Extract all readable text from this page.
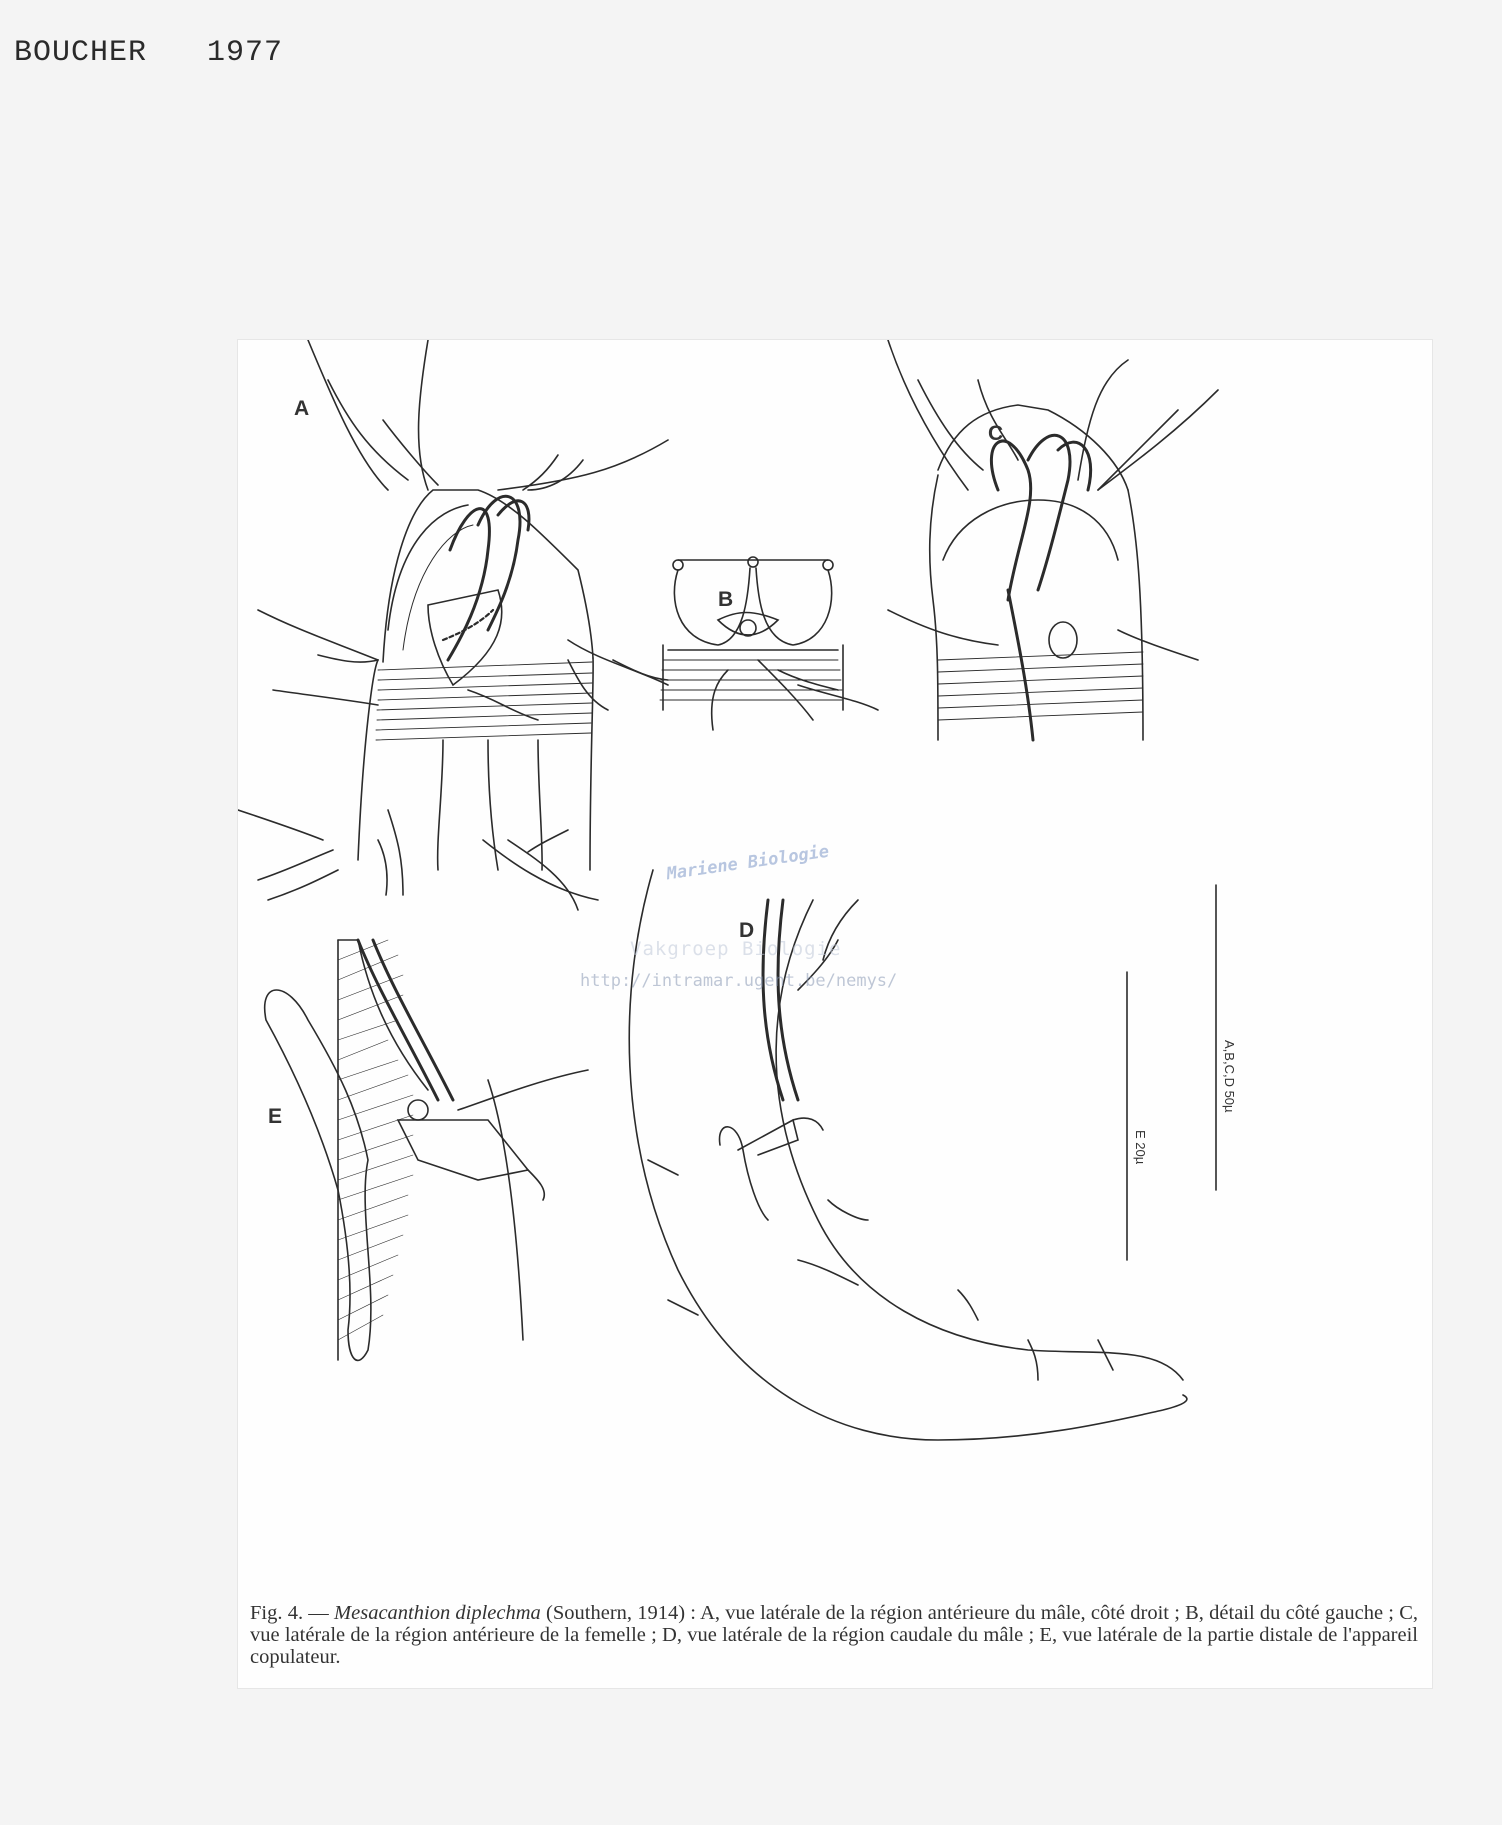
BOUCHER 1977
A
B
C
D
E
A,B,C,D 50µ
E 20µ
Mariene Biologie
Vakgroep Biologie
http://intramar.ugent.be/nemys/
Fig. 4. — Mesacanthion diplechma (Southern, 1914) : A, vue latérale de la région antérieure du mâle, côté droit ; B, détail du côté gauche ; C, vue latérale de la région antérieure de la femelle ; D, vue latérale de la région caudale du mâle ; E, vue latérale de la partie distale de l'appareil copulateur.
